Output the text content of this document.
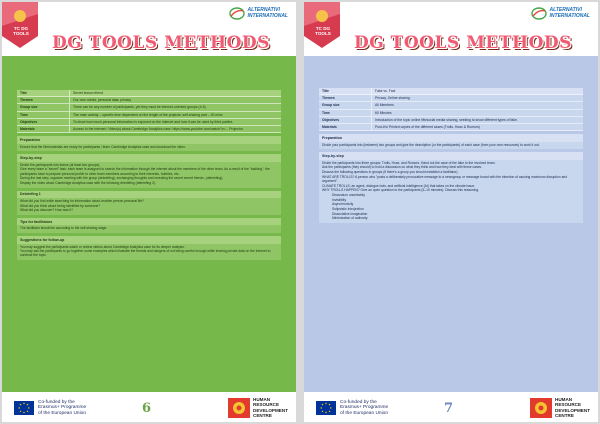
TC DG
TOOLS
ALTERNATIVI
INTERNATIONAL
DG TOOLS METHODS
Title	Secret lesson friend
Themes	Our own media, personal data, privacy
Group size	There can be any number of participants, yet they must be internet‑oriented groups (4‑6)
Time	The main activity – specific time dependent on the length of the projects; self‑sharing part – 30 mins
Objectives	To show how much personal information is exposed on the internet and how it can be used by third parties.
Materials	Access to the internet / Video(s) about Cambridge Analytica case: https://www.youtube.com/watch?v=... Projector
Preparation

Ensure that the film/materials are ready for participants / learn Cambridge Analytica case and download the video.

Step-by-step

Divide the participants into teams (at least two groups).

Give every team a "secret" task: each team is assigned to search the information through the internet about the members of the other team. As a result of the "stalking", the participants have to prepare personal profile to other team members according to their interests, hobbies, etc.

During the last step, organize meeting with the group (debriefing), exchanging thoughts and revealing the secret secret friends. (debriefing).

Display the video about Cambridge Analytica case with the following debriefing (debriefing 2).

Debriefing 1

What did you find while searching for information about another person personal life?

What did you think about being identified by someone?

What did you discover? How was it?

Tips for facilitators

The facilitator should be according to the self‑sharing stage.

Suggestions for follow-up

You may suggest the participants watch or review videos about Cambridge Analytica case for its deeper analysis.

You may ask the participants to go together some examples which illustrate the threats and dangers of not being careful enough while sharing private data on the internet to continue the topic.

Co-funded by the
Erasmus+ Programme
of the European Union	6
HUMAN
RESOURCE
DEVELOPMENT
CENTRE
TC DG
TOOLS
ALTERNATIVI
INTERNATIONAL
DG TOOLS METHODS
Title	Fake vs. Fact
Themes	Privacy, Online sharing
Group size	All Members
Time	60 Minutes
Objectives	Introduction of the topic online life/social media sharing, seeking to know different types of fake.
Materials	Post‑it’s/ Printed copies of the different cases (Trolls, Hoax & Rumors)
Preparation

Divide your participants into (between) two groups and give the description (or the participants) of each case (from your own resources) to work it out.

Step-by-step

Divide the participants into three groups: Trolls, Hoax, and Rumors. Hand out the case of the fake to the involved team.

Ask the participants (they should) to hold a discussion on what they think and how they deal with these cases.

Discuss the following questions in groups (if there's a group you should establish a facilitator).

WHAT ARE TROLLS? A person who "posts a deliberately provocative message to a newsgroup or message board with the intention of causing maximum disruption and argument".

CLIMATE TROLLS: an agent, dialogue bots, and artificial intelligence (AI) that takes on the climate issue.

WHY TROLLS HAPPEN? Give an open question to the participants (5–10 minutes). Discuss this reasoning.

Discussion uncertainty

Invisibility

Asynchronicity

Solipsistic Introjection

Dissociative imagination

Minimization of authority

Co-funded by the
Erasmus+ Programme
of the European Union	7
HUMAN
RESOURCE
DEVELOPMENT
CENTRE
